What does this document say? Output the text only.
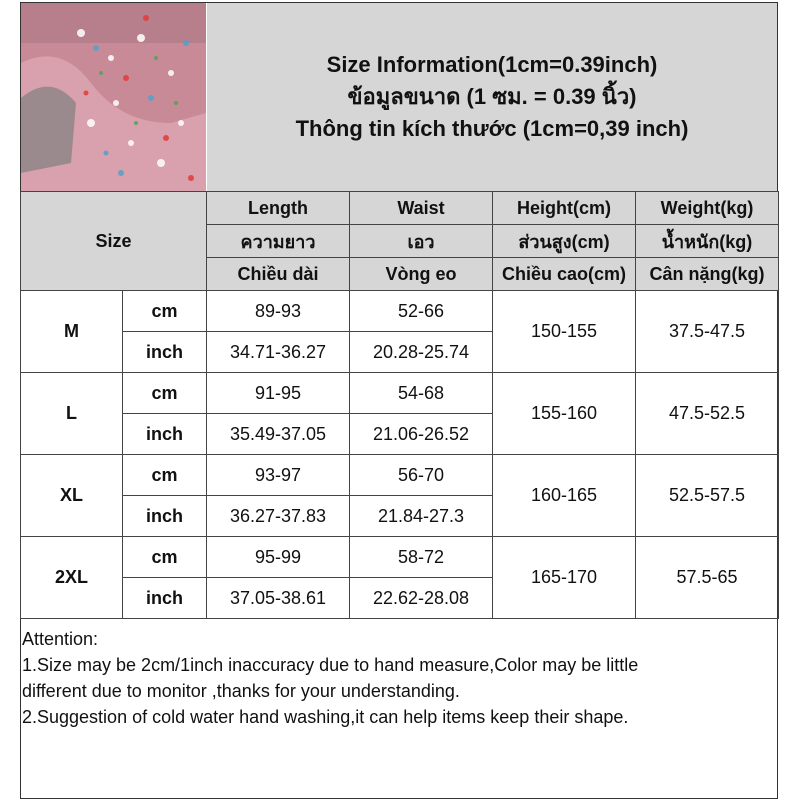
Size Information(1cm=0.39inch)
ข้อมูลขนาด (1 ซม. = 0.39 นิ้ว)
Thông tin kích thước (1cm=0,39 inch)
Size		Length	Waist	Height(cm)	Weight(kg)
		ความยาว	เอว	ส่วนสูง(cm)	น้ำหนัก(kg)
		Chiều dài	Vòng eo	Chiều cao(cm)	Cân nặng(kg)
M	cm	89-93	52-66	150-155	37.5-47.5
	inch	34.71-36.27	20.28-25.74		
L	cm	91-95	54-68	155-160	47.5-52.5
	inch	35.49-37.05	21.06-26.52		
XL	cm	93-97	56-70	160-165	52.5-57.5
	inch	36.27-37.83	21.84-27.3		
2XL	cm	95-99	58-72	165-170	57.5-65
	inch	37.05-38.61	22.62-28.08		
Attention:
1.Size may be 2cm/1inch inaccuracy due to hand measure,Color may be little
different due to monitor ,thanks for your understanding.
2.Suggestion of cold water hand washing,it can help items keep their shape.
